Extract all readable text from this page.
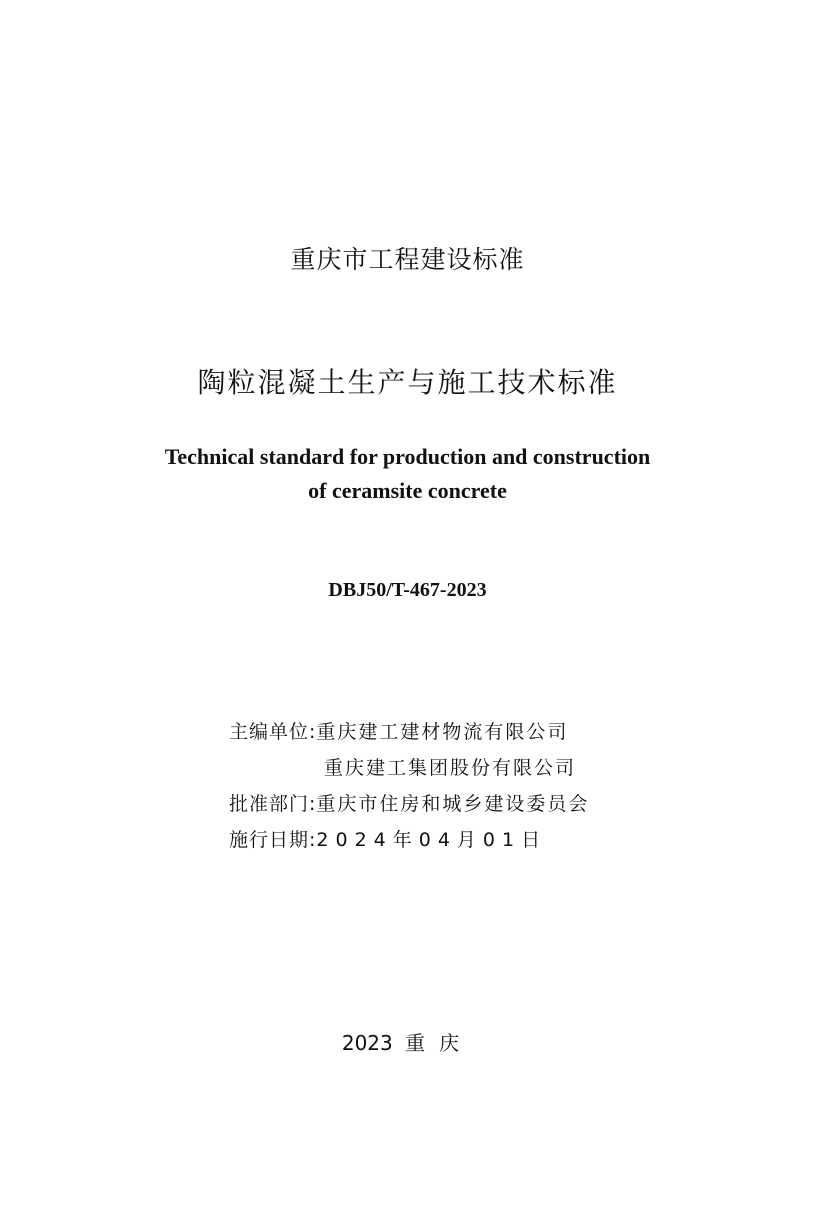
重庆市工程建设标准
陶粒混凝土生产与施工技术标准
Technical standard for production and construction
of ceramsite concrete
DBJ50/T-467-2023
主编单位:重庆建工建材物流有限公司
重庆建工集团股份有限公司
批准部门:重庆市住房和城乡建设委员会
施行日期:2024年04月01日
2023 重庆
